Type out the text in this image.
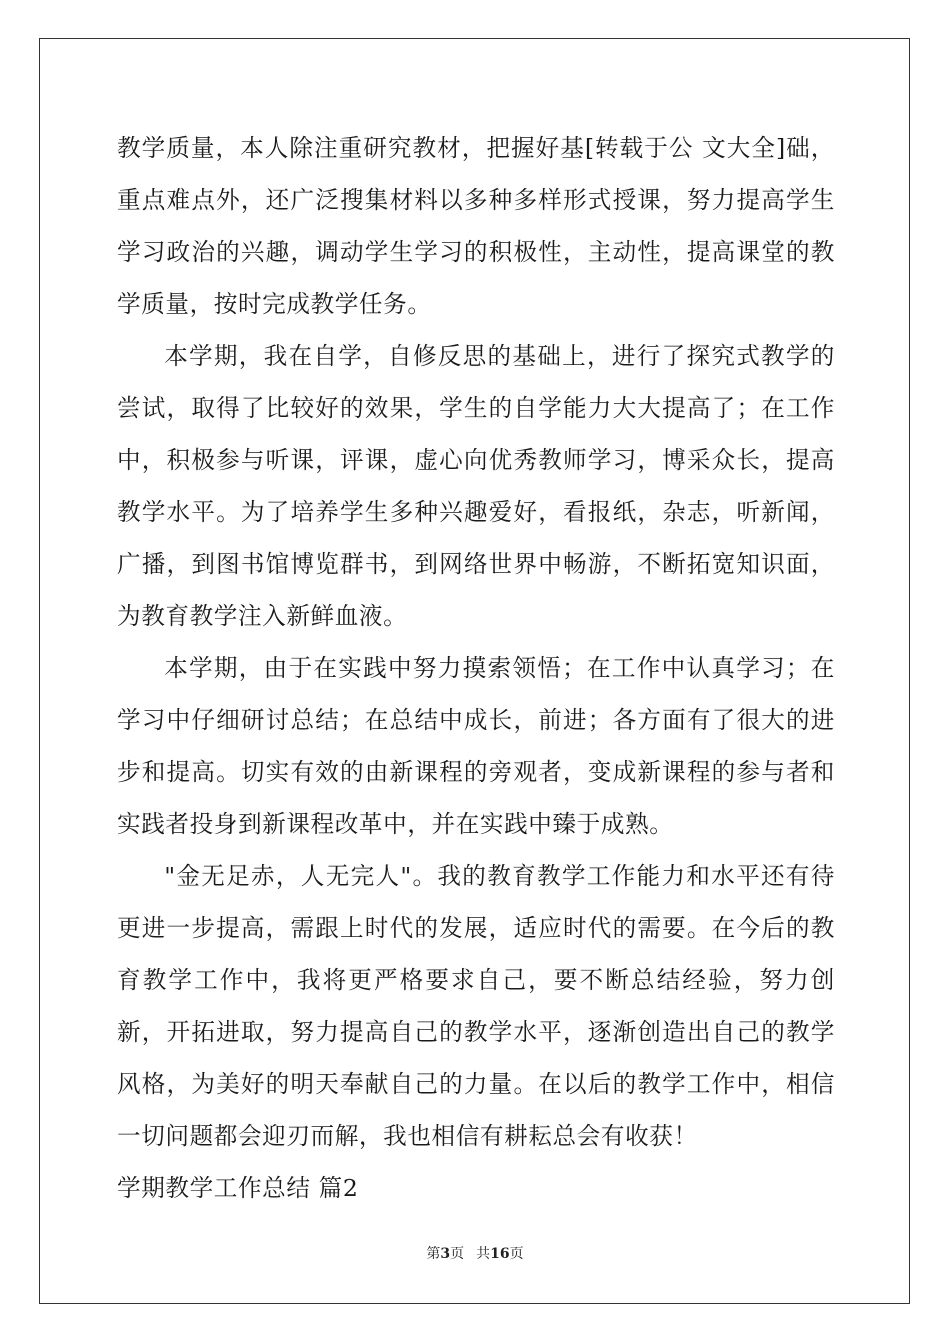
教学质量，本人除注重研究教材，把握好基[转载于公 文大全]础，重点难点外，还广泛搜集材料以多种多样形式授课，努力提高学生学习政治的兴趣，调动学生学习的积极性，主动性，提高课堂的教学质量，按时完成教学任务。

本学期，我在自学，自修反思的基础上，进行了探究式教学的尝试，取得了比较好的效果，学生的自学能力大大提高了；在工作中，积极参与听课，评课，虚心向优秀教师学习，博采众长，提高教学水平。为了培养学生多种兴趣爱好，看报纸，杂志，听新闻，广播，到图书馆博览群书，到网络世界中畅游，不断拓宽知识面，为教育教学注入新鲜血液。

本学期，由于在实践中努力摸索领悟；在工作中认真学习；在学习中仔细研讨总结；在总结中成长，前进；各方面有了很大的进步和提高。切实有效的由新课程的旁观者，变成新课程的参与者和实践者投身到新课程改革中，并在实践中臻于成熟。

"金无足赤，人无完人"。我的教育教学工作能力和水平还有待更进一步提高，需跟上时代的发展，适应时代的需要。在今后的教育教学工作中，我将更严格要求自己，要不断总结经验，努力创新，开拓进取，努力提高自己的教学水平，逐渐创造出自己的教学风格，为美好的明天奉献自己的力量。在以后的教学工作中，相信一切问题都会迎刃而解，我也相信有耕耘总会有收获！

学期教学工作总结 篇2

第3页 共16页
